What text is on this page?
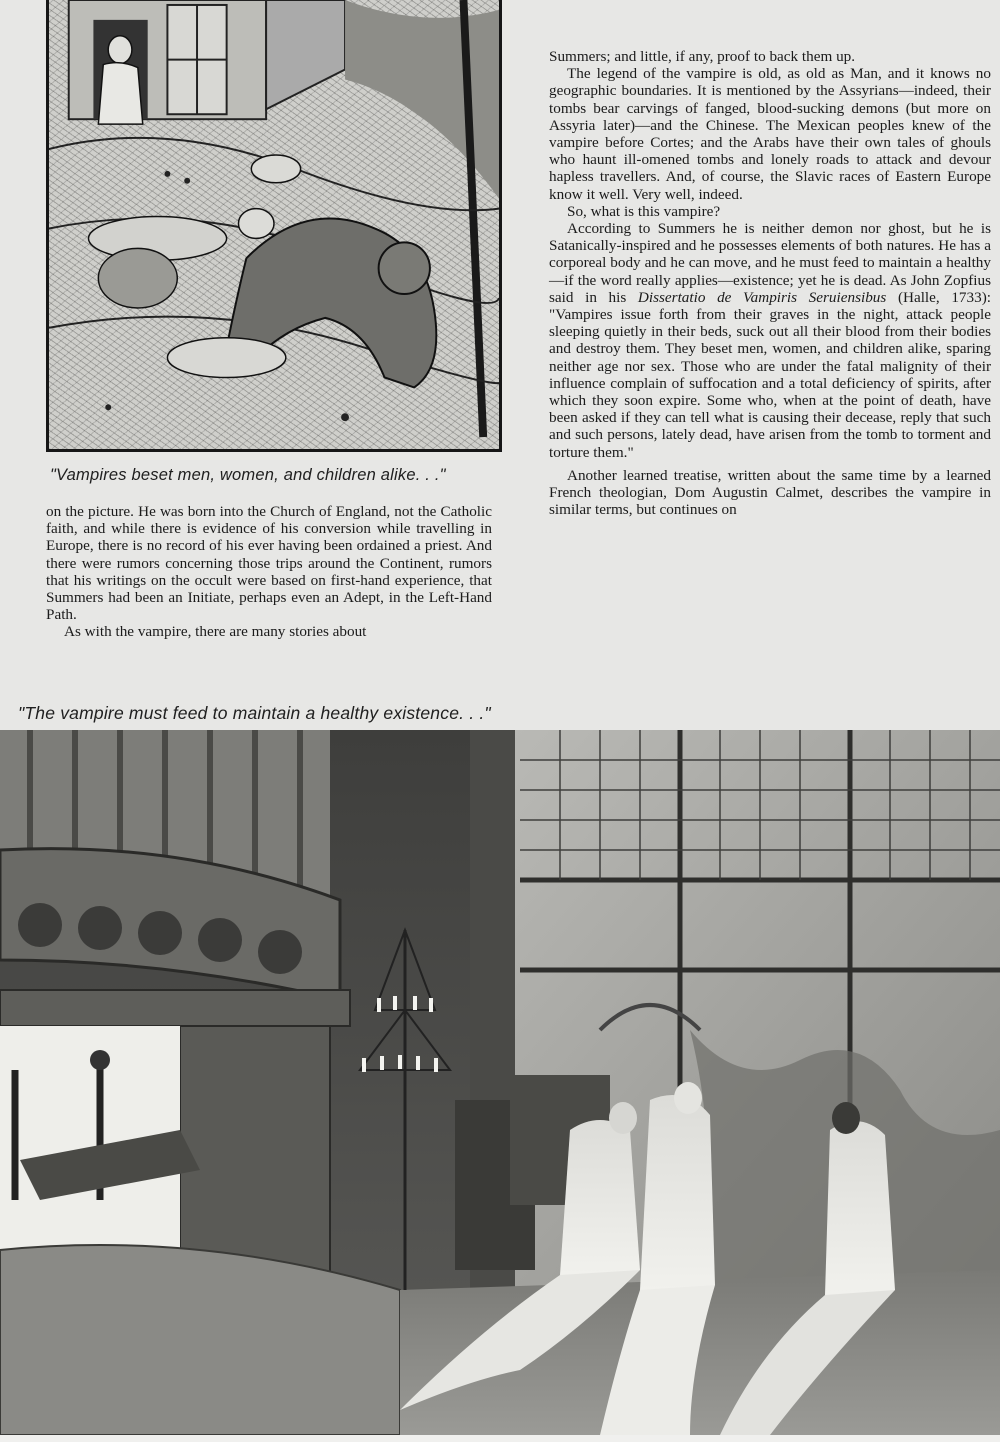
"Vampires beset men, women, and children alike. . ."

on the picture. He was born into the Church of England, not the Catholic faith, and while there is evidence of his conversion while travelling in Europe, there is no record of his ever having been ordained a priest. And there were rumors concerning those trips around the Continent, rumors that his writings on the occult were based on first-hand experience, that Summers had been an Initiate, perhaps even an Adept, in the Left-Hand Path.

As with the vampire, there are many stories about

Summers; and little, if any, proof to back them up.

The legend of the vampire is old, as old as Man, and it knows no geographic boundaries. It is mentioned by the Assyrians—indeed, their tombs bear carvings of fanged, blood-sucking demons (but more on Assyria later)—and the Chinese. The Mexican peoples knew of the vampire before Cortes; and the Arabs have their own tales of ghouls who haunt ill-omened tombs and lonely roads to attack and devour hapless travellers. And, of course, the Slavic races of Eastern Europe know it well. Very well, indeed.

So, what is this vampire?

According to Summers he is neither demon nor ghost, but he is Satanically-inspired and he possesses elements of both natures. He has a corporeal body and he can move, and he must feed to maintain a healthy—if the word really applies—existence; yet he is dead. As John Zopfius said in his Dissertatio de Vampiris Seruiensibus (Halle, 1733): "Vampires issue forth from their graves in the night, attack people sleeping quietly in their beds, suck out all their blood from their bodies and destroy them. They beset men, women, and children alike, sparing neither age nor sex. Those who are under the fatal malignity of their influence complain of suffocation and a total deficiency of spirits, after which they soon expire. Some who, when at the point of death, have been asked if they can tell what is causing their decease, reply that such and such persons, lately dead, have arisen from the tomb to torment and torture them."

Another learned treatise, written about the same time by a learned French theologian, Dom Augustin Calmet, describes the vampire in similar terms, but continues on

"The vampire must feed to maintain a healthy existence. . ."
